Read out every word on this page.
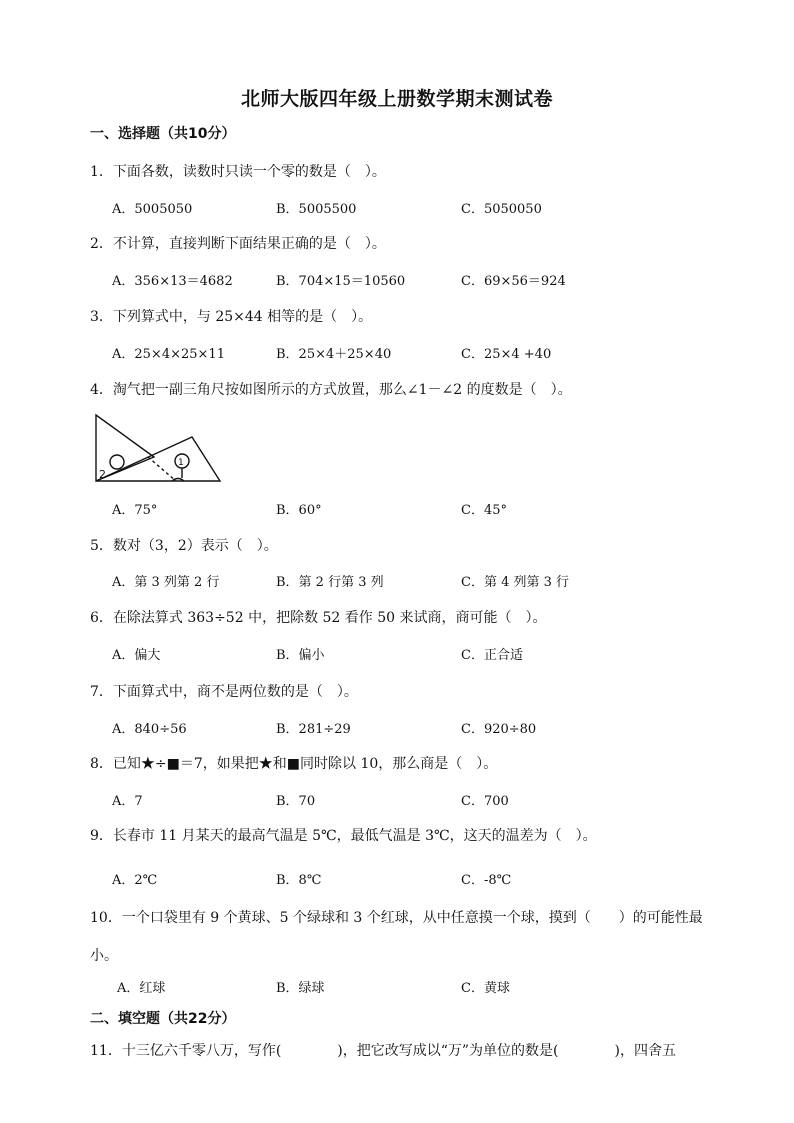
北师大版四年级上册数学期末测试卷
一、选择题（共10分）
1．下面各数，读数时只读一个零的数是（　）。
A．5005050	B．5005500	C．5050050
2．不计算，直接判断下面结果正确的是（　）。
A．356×13＝4682	B．704×15＝10560	C．69×56＝924
3．下列算式中，与 25×44 相等的是（　）。
A．25×4×25×11	B．25×4＋25×40	C．25×4 +40
4．淘气把一副三角尺按如图所示的方式放置，那么∠1－∠2 的度数是（　）。
2
1
A．75°	B．60°	C．45°
5．数对（3，2）表示（　）。
A．第 3 列第 2 行	B．第 2 行第 3 列	C．第 4 列第 3 行
6．在除法算式 363÷52 中，把除数 52 看作 50 来试商，商可能（　）。
A．偏大	B．偏小	C．正合适
7．下面算式中，商不是两位数的是（　）。
A．840÷56	B．281÷29	C．920÷80
8．已知★÷■＝7，如果把★和■同时除以 10，那么商是（　）。
A．7	B．70	C．700
9．长春市 11 月某天的最高气温是 5℃，最低气温是 3℃，这天的温差为（　）。
A．2℃	B．8℃	C．-8℃
10．一个口袋里有 9 个黄球、5 个绿球和 3 个红球，从中任意摸一个球，摸到（　　）的可能性最
小。
A．红球	B．绿球	C．黄球
二、填空题（共22分）
11．十三亿六千零八万，写作(　　　　)，把它改写成以“万”为单位的数是(　　　　)，四舍五
